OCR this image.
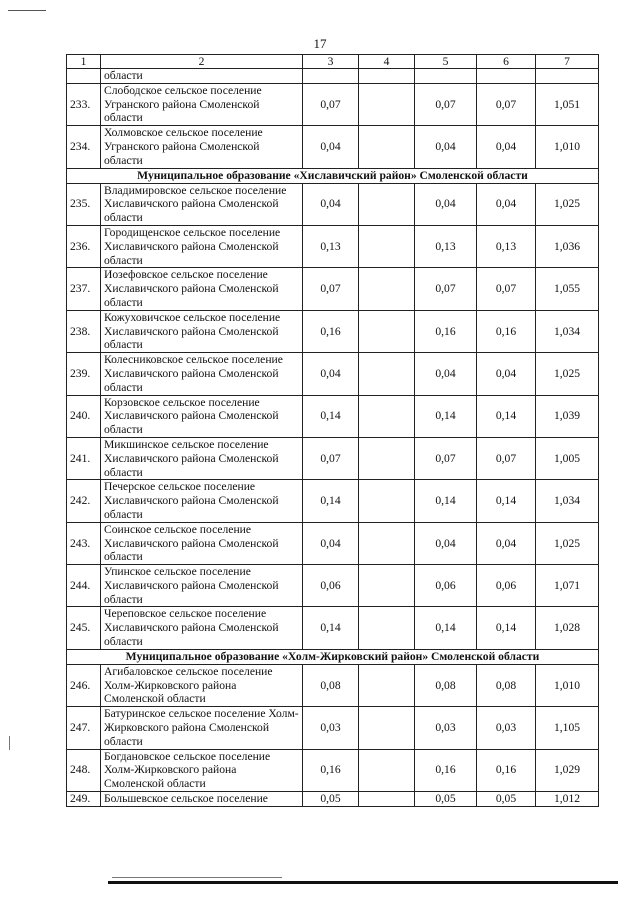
17
1	2	3	4	5	6	7
	области					
233.	Слободское сельское поселение Угранского района Смоленской области	0,07		0,07	0,07	1,051
234.	Холмовское сельское поселение Угранского района Смоленской области	0,04		0,04	0,04	1,010
Муниципальное образование «Хиславичский район» Смоленской области						
235.	Владимировское сельское поселение Хиславичского района Смоленской области	0,04		0,04	0,04	1,025
236.	Городищенское сельское поселение Хиславичского района Смоленской области	0,13		0,13	0,13	1,036
237.	Иозефовское сельское поселение Хиславичского района Смоленской области	0,07		0,07	0,07	1,055
238.	Кожуховичское сельское поселение Хиславичского района Смоленской области	0,16		0,16	0,16	1,034
239.	Колесниковское сельское поселение Хиславичского района Смоленской области	0,04		0,04	0,04	1,025
240.	Корзовское сельское поселение Хиславичского района Смоленской области	0,14		0,14	0,14	1,039
241.	Микшинское сельское поселение Хиславичского района Смоленской области	0,07		0,07	0,07	1,005
242.	Печерское сельское поселение Хиславичского района Смоленской области	0,14		0,14	0,14	1,034
243.	Соинское сельское поселение Хиславичского района Смоленской области	0,04		0,04	0,04	1,025
244.	Упинское сельское поселение Хиславичского района Смоленской области	0,06		0,06	0,06	1,071
245.	Череповское сельское поселение Хиславичского района Смоленской области	0,14		0,14	0,14	1,028
Муниципальное образование «Холм-Жирковский район» Смоленской области						
246.	Агибаловское сельское поселение Холм-Жирковского района Смоленской области	0,08		0,08	0,08	1,010
247.	Батуринское сельское поселение Холм-Жирковского района Смоленской области	0,03		0,03	0,03	1,105
248.	Богдановское сельское поселение Холм-Жирковского района Смоленской области	0,16		0,16	0,16	1,029
249.	Большевское сельское поселение	0,05		0,05	0,05	1,012
